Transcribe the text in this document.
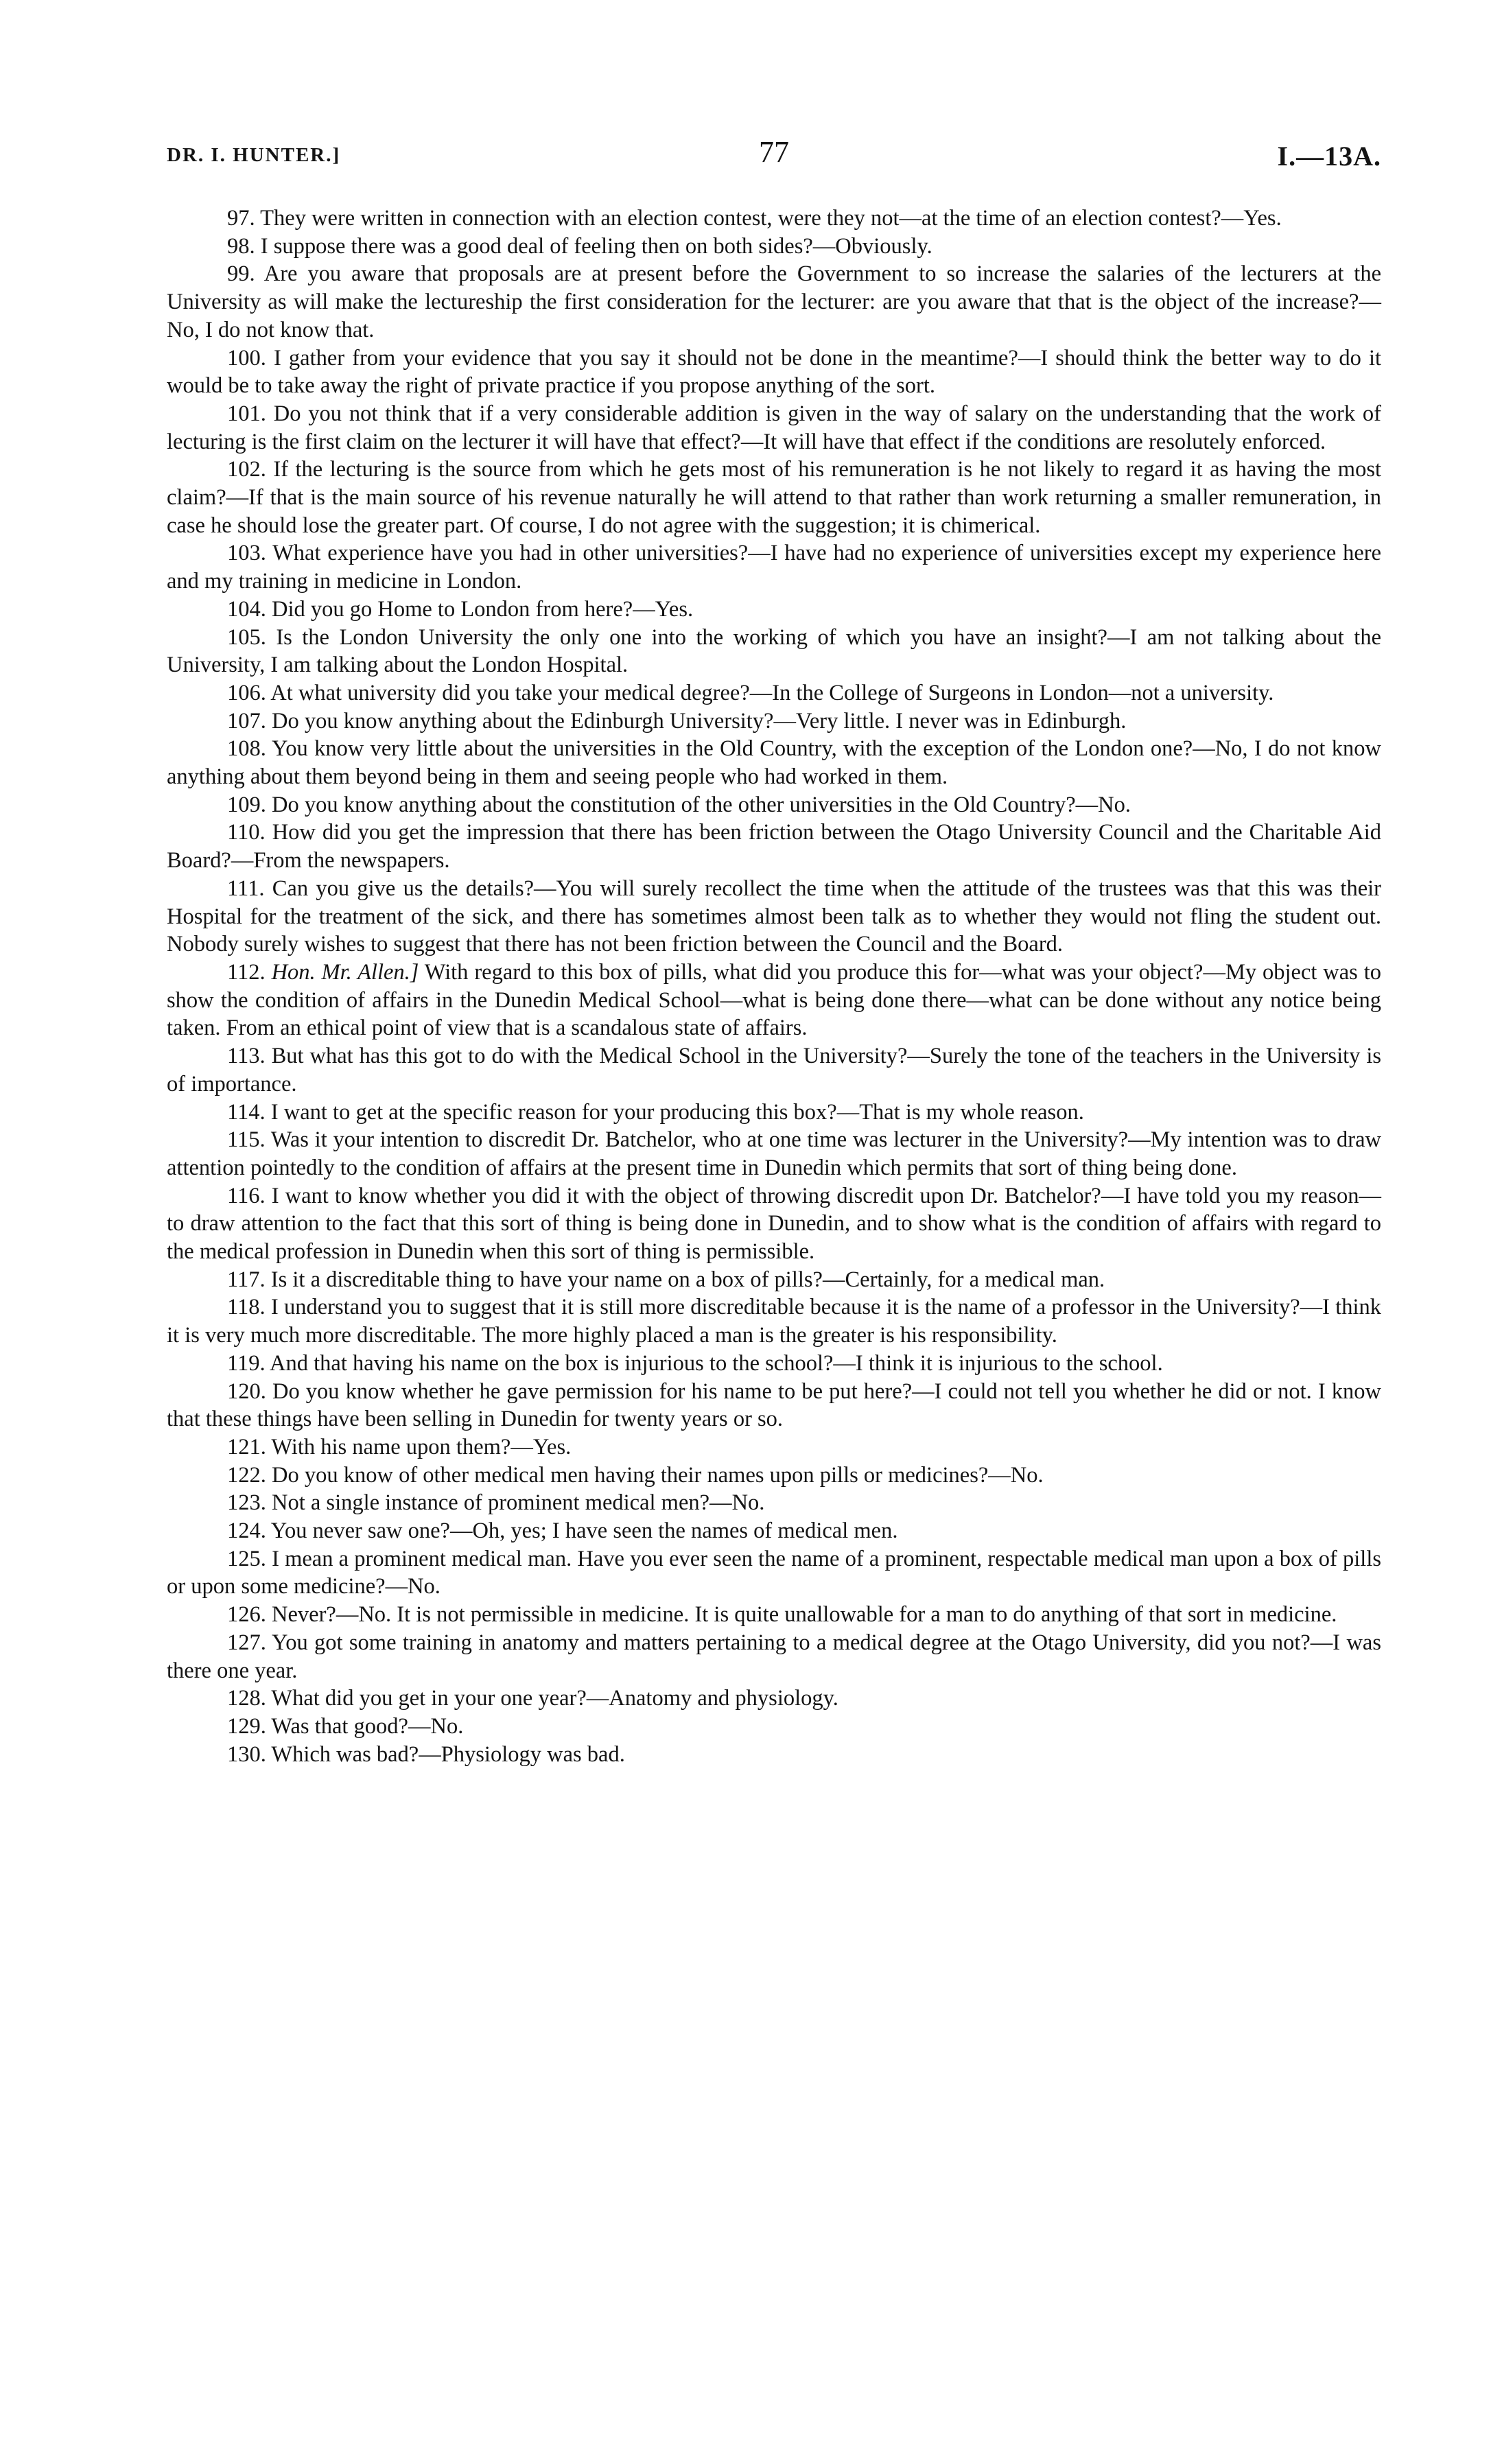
DR. I. HUNTER.]	77	I.—13A.

97. They were written in connection with an election contest, were they not—at the time of an election contest?—Yes.

98. I suppose there was a good deal of feeling then on both sides?—Obviously.

99. Are you aware that proposals are at present before the Government to so increase the salaries of the lecturers at the University as will make the lectureship the first consideration for the lecturer: are you aware that that is the object of the increase?—No, I do not know that.

100. I gather from your evidence that you say it should not be done in the meantime?—I should think the better way to do it would be to take away the right of private practice if you propose anything of the sort.

101. Do you not think that if a very considerable addition is given in the way of salary on the understanding that the work of lecturing is the first claim on the lecturer it will have that effect?—It will have that effect if the conditions are resolutely enforced.

102. If the lecturing is the source from which he gets most of his remuneration is he not likely to regard it as having the most claim?—If that is the main source of his revenue naturally he will attend to that rather than work returning a smaller remuneration, in case he should lose the greater part. Of course, I do not agree with the suggestion; it is chimerical.

103. What experience have you had in other universities?—I have had no experience of universities except my experience here and my training in medicine in London.

104. Did you go Home to London from here?—Yes.

105. Is the London University the only one into the working of which you have an insight?—I am not talking about the University, I am talking about the London Hospital.

106. At what university did you take your medical degree?—In the College of Surgeons in London—not a university.

107. Do you know anything about the Edinburgh University?—Very little. I never was in Edinburgh.

108. You know very little about the universities in the Old Country, with the exception of the London one?—No, I do not know anything about them beyond being in them and seeing people who had worked in them.

109. Do you know anything about the constitution of the other universities in the Old Country?—No.

110. How did you get the impression that there has been friction between the Otago University Council and the Charitable Aid Board?—From the newspapers.

111. Can you give us the details?—You will surely recollect the time when the attitude of the trustees was that this was their Hospital for the treatment of the sick, and there has sometimes almost been talk as to whether they would not fling the student out. Nobody surely wishes to suggest that there has not been friction between the Council and the Board.

112. Hon. Mr. Allen.] With regard to this box of pills, what did you produce this for—what was your object?—My object was to show the condition of affairs in the Dunedin Medical School—what is being done there—what can be done without any notice being taken. From an ethical point of view that is a scandalous state of affairs.

113. But what has this got to do with the Medical School in the University?—Surely the tone of the teachers in the University is of importance.

114. I want to get at the specific reason for your producing this box?—That is my whole reason.

115. Was it your intention to discredit Dr. Batchelor, who at one time was lecturer in the University?—My intention was to draw attention pointedly to the condition of affairs at the present time in Dunedin which permits that sort of thing being done.

116. I want to know whether you did it with the object of throwing discredit upon Dr. Batchelor?—I have told you my reason—to draw attention to the fact that this sort of thing is being done in Dunedin, and to show what is the condition of affairs with regard to the medical profession in Dunedin when this sort of thing is permissible.

117. Is it a discreditable thing to have your name on a box of pills?—Certainly, for a medical man.

118. I understand you to suggest that it is still more discreditable because it is the name of a professor in the University?—I think it is very much more discreditable. The more highly placed a man is the greater is his responsibility.

119. And that having his name on the box is injurious to the school?—I think it is injurious to the school.

120. Do you know whether he gave permission for his name to be put here?—I could not tell you whether he did or not. I know that these things have been selling in Dunedin for twenty years or so.

121. With his name upon them?—Yes.

122. Do you know of other medical men having their names upon pills or medicines?—No.

123. Not a single instance of prominent medical men?—No.

124. You never saw one?—Oh, yes; I have seen the names of medical men.

125. I mean a prominent medical man. Have you ever seen the name of a prominent, respectable medical man upon a box of pills or upon some medicine?—No.

126. Never?—No. It is not permissible in medicine. It is quite unallowable for a man to do anything of that sort in medicine.

127. You got some training in anatomy and matters pertaining to a medical degree at the Otago University, did you not?—I was there one year.

128. What did you get in your one year?—Anatomy and physiology.

129. Was that good?—No.

130. Which was bad?—Physiology was bad.
